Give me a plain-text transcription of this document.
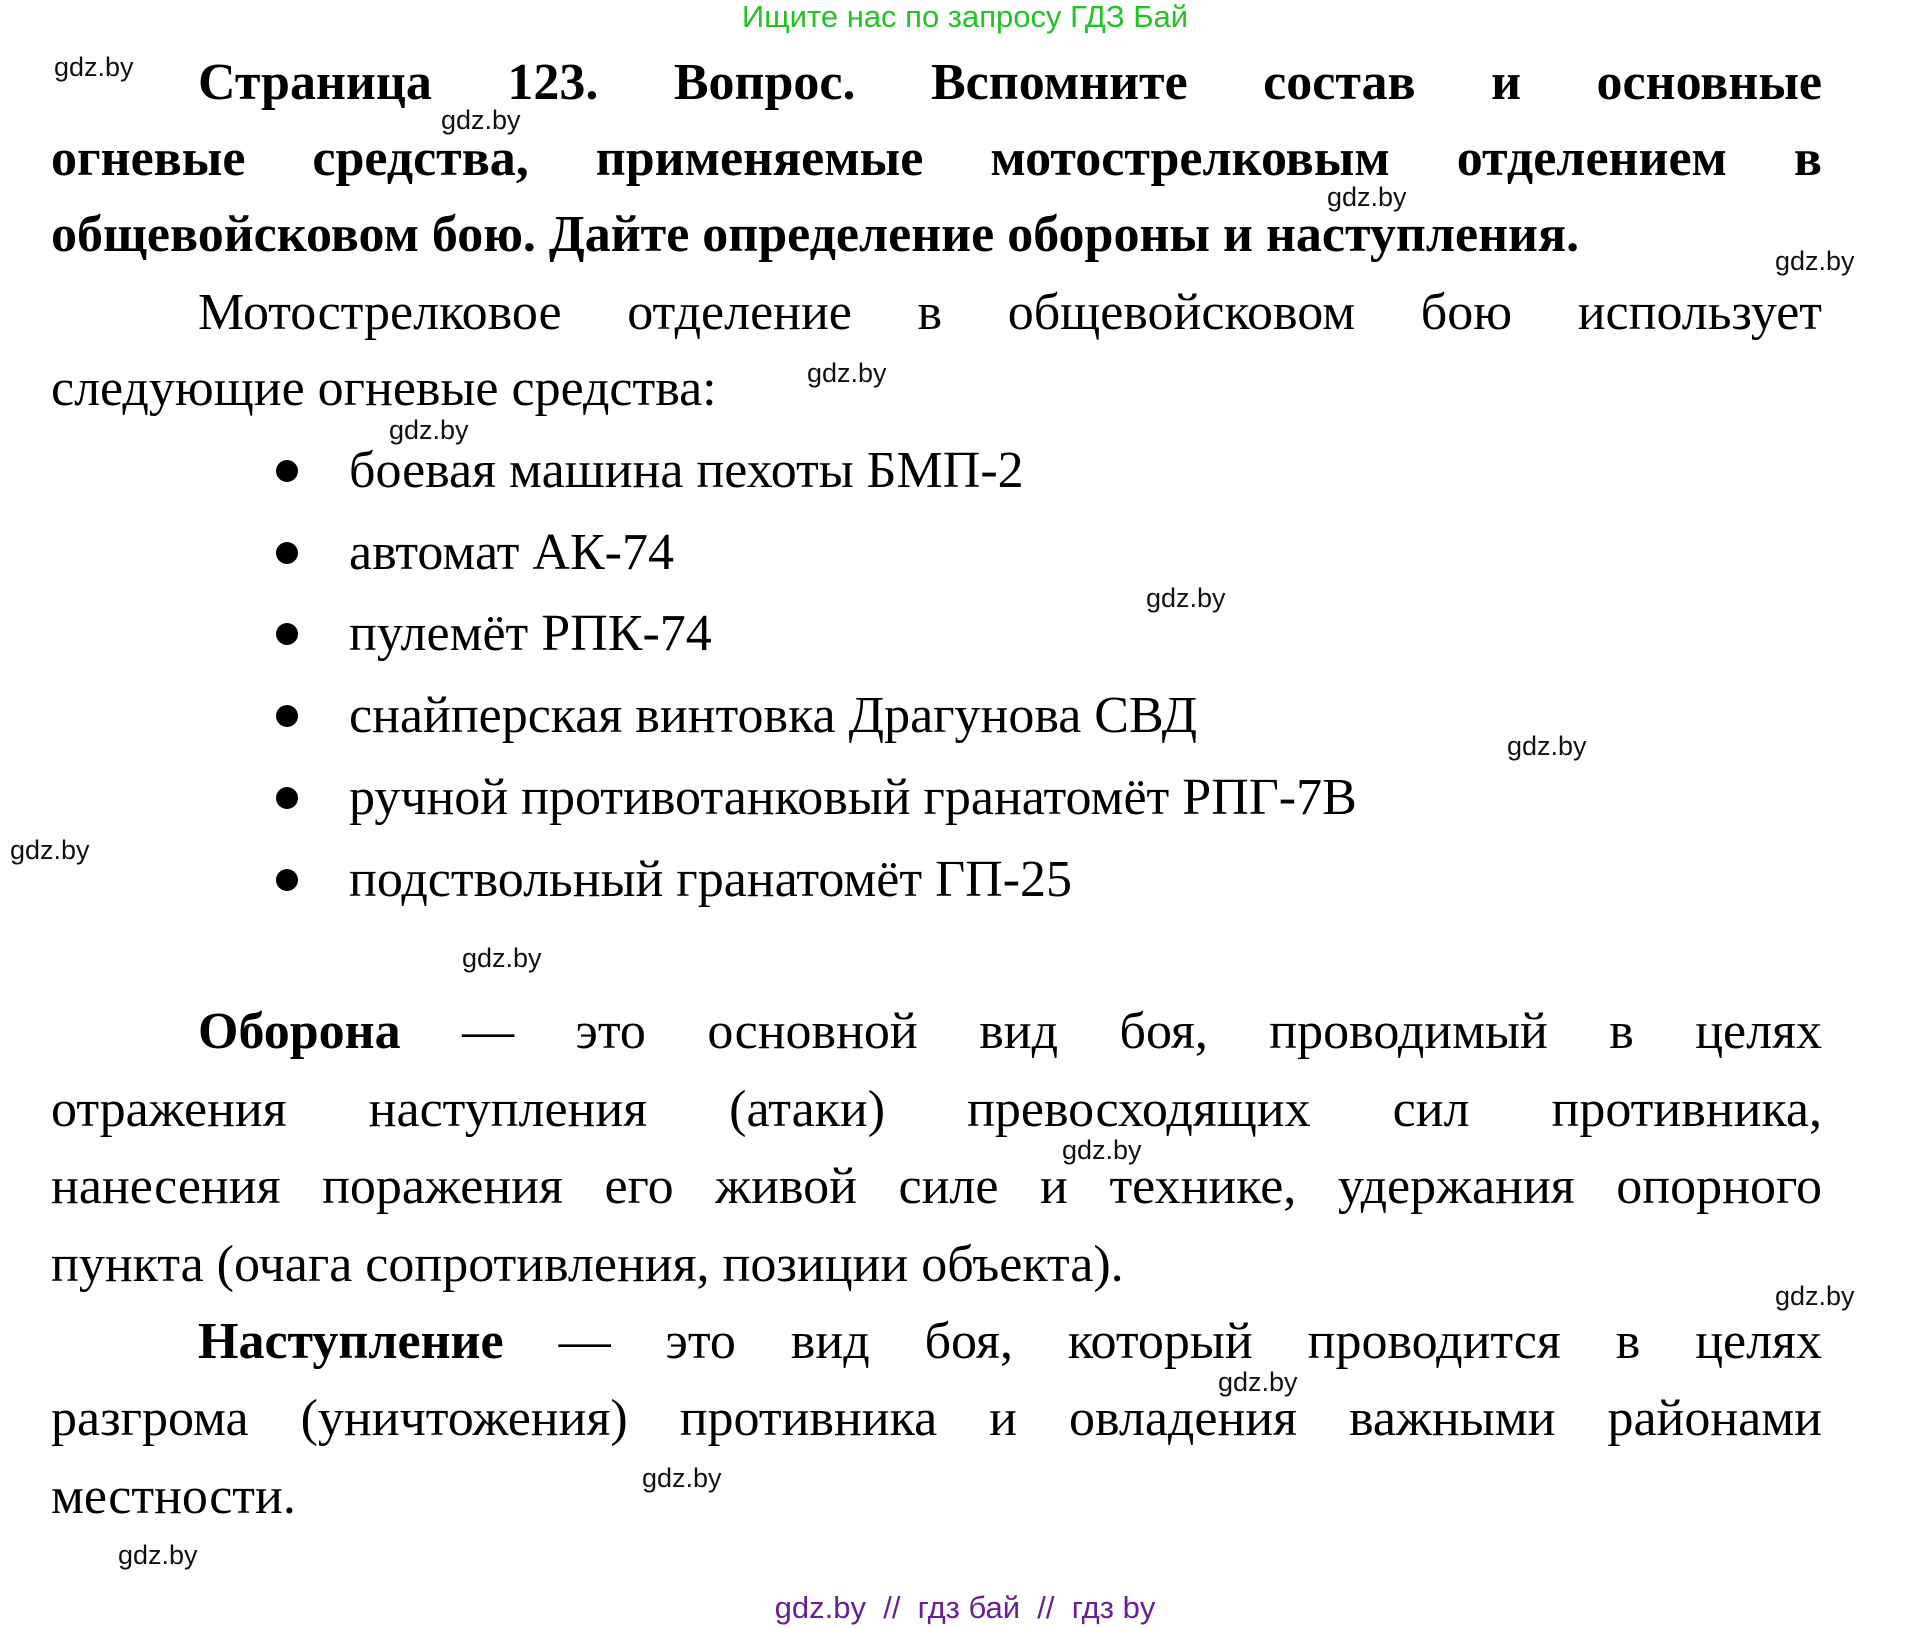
Ищите нас по запросу ГДЗ Бай
Страница 123. Вопрос. Вспомните состав и основные
огневые средства, применяемые мотострелковым отделением в
общевойсковом бою. Дайте определение обороны и наступления.
Мотострелковое отделение в общевойсковом бою использует
следующие огневые средства:
боевая машина пехоты БМП-2
автомат АК-74
пулемёт РПК-74
снайперская винтовка Драгунова СВД
ручной противотанковый гранатомёт РПГ-7В
подствольный гранатомёт ГП-25
Оборона — это основной вид боя, проводимый в целях
отражения наступления (атаки) превосходящих сил противника,
нанесения поражения его живой силе и технике, удержания опорного
пункта (очага сопротивления, позиции объекта).
Наступление — это вид боя, который проводится в целях
разгрома (уничтожения) противника и овладения важными районами
местности.
gdz.by
gdz.by
gdz.by
gdz.by
gdz.by
gdz.by
gdz.by
gdz.by
gdz.by
gdz.by
gdz.by
gdz.by
gdz.by
gdz.by
gdz.by
gdz.by  //  гдз бай  //  гдз by
